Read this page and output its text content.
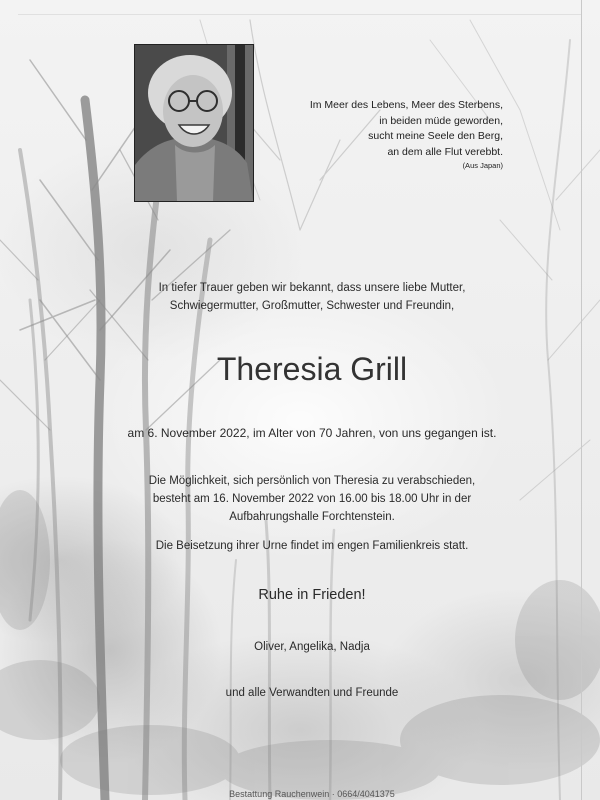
Im Meer des Lebens, Meer des Sterbens,
in beiden müde geworden,
sucht meine Seele den Berg,
an dem alle Flut verebbt.
(Aus Japan)
In tiefer Trauer geben wir bekannt, dass unsere liebe Mutter,
Schwiegermutter, Großmutter, Schwester und Freundin,
Theresia Grill
am 6. November 2022, im Alter von 70 Jahren, von uns gegangen ist.
Die Möglichkeit, sich persönlich von Theresia zu verabschieden,
besteht am 16. November 2022 von 16.00 bis 18.00 Uhr in der
Aufbahrungshalle Forchtenstein.
Die Beisetzung ihrer Urne findet im engen Familienkreis statt.
Ruhe in Frieden!
Oliver, Angelika, Nadja
und alle Verwandten und Freunde
Bestattung Rauchenwein · 0664/4041375
